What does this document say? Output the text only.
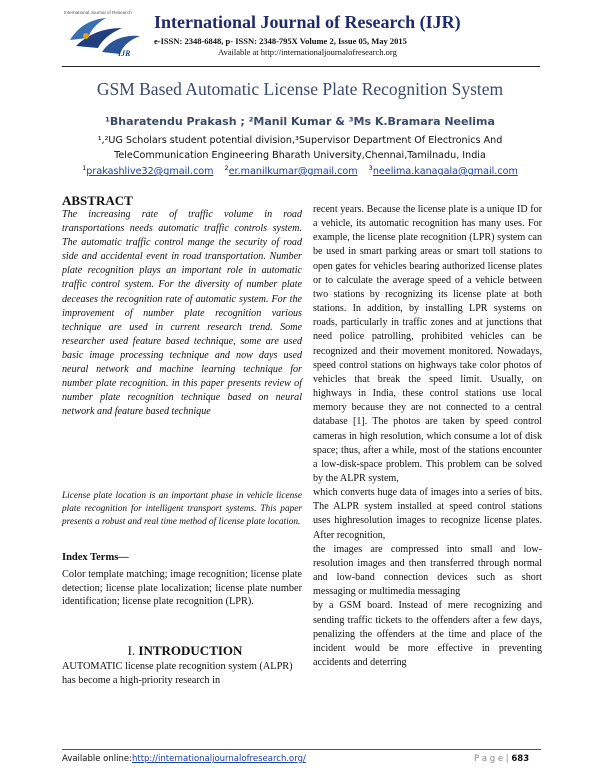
IJR
International Journal of Research International Journal of Research (IJR)
e-ISSN: 2348-6848, p- ISSN: 2348-795X Volume 2, Issue 05, May 2015
Available at http://internationaljournalofresearch.org
GSM Based Automatic License Plate Recognition System
¹Bharatendu Prakash ; ²Manil Kumar & ³Ms K.Bramara Neelima
¹,²UG Scholars student potential division,³Supervisor Department Of Electronics And
TeleCommunication Engineering Bharath University,Chennai,Tamilnadu, India
$^1$prakashlive32@gmail.com $^2$er.manilkumar@gmail.com $^3$neelima.kanagala@gmail.com
ABSTRACT
The increasing rate of traffic volume in road transportations needs automatic traffic controls system. The automatic traffic control mange the security of road side and accidental event in road transportation. Number plate recognition plays an important role in automatic traffic control system. For the diversity of number plate deceases the recognition rate of automatic system. For the improvement of number plate recognition various technique are used in current research trend. Some researcher used feature based technique, some are used basic image processing technique and now days used neural network and machine learning technique for number plate recognition. in this paper presents review of number plate recognition technique based on neural network and feature based technique
License plate location is an important phase in vehicle license plate recognition for intelligent transport systems. This paper presents a robust and real time method of license plate location.
Index Terms—
Color template matching; image recognition; license plate detection; license plate localization; license plate number identification; license plate recognition (LPR).
I. INTRODUCTION
AUTOMATIC license plate recognition system (ALPR) has become a high-priority research in
recent years. Because the license plate is a unique ID for a vehicle, its automatic recognition has many uses. For example, the license plate recognition (LPR) system can be used in smart parking areas or smart toll stations to open gates for vehicles bearing authorized license plates or to calculate the average speed of a vehicle between two stations by recognizing its license plate at both stations. In addition, by installing LPR systems on roads, particularly in traffic zones and at junctions that need police patrolling, prohibited vehicles can be recognized and their movement monitored. Nowadays, speed control stations on highways take color photos of vehicles that break the speed limit. Usually, on highways in India, these control stations use local memory because they are not connected to a central database [1]. The photos are taken by speed control cameras in high resolution, which consume a lot of disk space; thus, after a while, most of the stations encounter a low-disk-space problem. This problem can be solved by the ALPR system,
which converts huge data of images into a series of bits. The ALPR system installed at speed control stations uses highresolution images to recognize license plates. After recognition,
the images are compressed into small and low-resolution images and then transferred through normal and low-band connection devices such as short messaging or multimedia messaging
by a GSM board. Instead of mere recognizing and sending traffic tickets to the offenders after a few days, penalizing the offenders at the time and place of the incident would be more effective in preventing accidents and deterring
Available online:http://internationaljournalofresearch.org/	P a g e | 683
